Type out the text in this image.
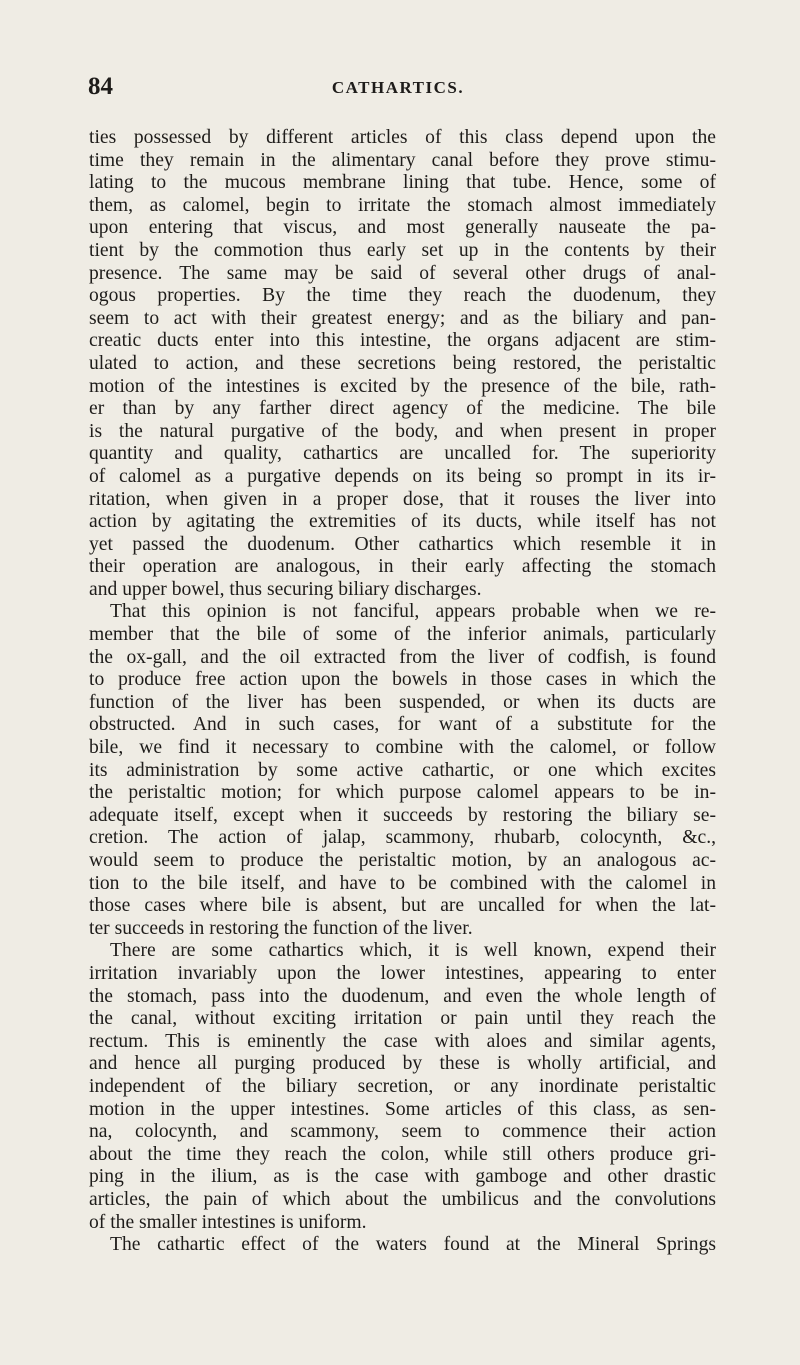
84	CATHARTICS.
ties possessed by different articles of this class depend upon the
time they remain in the alimentary canal before they prove stimu-
lating to the mucous membrane lining that tube. Hence, some of
them, as calomel, begin to irritate the stomach almost immediately
upon entering that viscus, and most generally nauseate the pa-
tient by the commotion thus early set up in the contents by their
presence. The same may be said of several other drugs of anal-
ogous properties. By the time they reach the duodenum, they
seem to act with their greatest energy; and as the biliary and pan-
creatic ducts enter into this intestine, the organs adjacent are stim-
ulated to action, and these secretions being restored, the peristaltic
motion of the intestines is excited by the presence of the bile, rath-
er than by any farther direct agency of the medicine. The bile
is the natural purgative of the body, and when present in proper
quantity and quality, cathartics are uncalled for. The superiority
of calomel as a purgative depends on its being so prompt in its ir-
ritation, when given in a proper dose, that it rouses the liver into
action by agitating the extremities of its ducts, while itself has not
yet passed the duodenum. Other cathartics which resemble it in
their operation are analogous, in their early affecting the stomach
and upper bowel, thus securing biliary discharges.
That this opinion is not fanciful, appears probable when we re-
member that the bile of some of the inferior animals, particularly
the ox-gall, and the oil extracted from the liver of codfish, is found
to produce free action upon the bowels in those cases in which the
function of the liver has been suspended, or when its ducts are
obstructed. And in such cases, for want of a substitute for the
bile, we find it necessary to combine with the calomel, or follow
its administration by some active cathartic, or one which excites
the peristaltic motion; for which purpose calomel appears to be in-
adequate itself, except when it succeeds by restoring the biliary se-
cretion. The action of jalap, scammony, rhubarb, colocynth, &c.,
would seem to produce the peristaltic motion, by an analogous ac-
tion to the bile itself, and have to be combined with the calomel in
those cases where bile is absent, but are uncalled for when the lat-
ter succeeds in restoring the function of the liver.
There are some cathartics which, it is well known, expend their
irritation invariably upon the lower intestines, appearing to enter
the stomach, pass into the duodenum, and even the whole length of
the canal, without exciting irritation or pain until they reach the
rectum. This is eminently the case with aloes and similar agents,
and hence all purging produced by these is wholly artificial, and
independent of the biliary secretion, or any inordinate peristaltic
motion in the upper intestines. Some articles of this class, as sen-
na, colocynth, and scammony, seem to commence their action
about the time they reach the colon, while still others produce gri-
ping in the ilium, as is the case with gamboge and other drastic
articles, the pain of which about the umbilicus and the convolutions
of the smaller intestines is uniform.
The cathartic effect of the waters found at the Mineral Springs
